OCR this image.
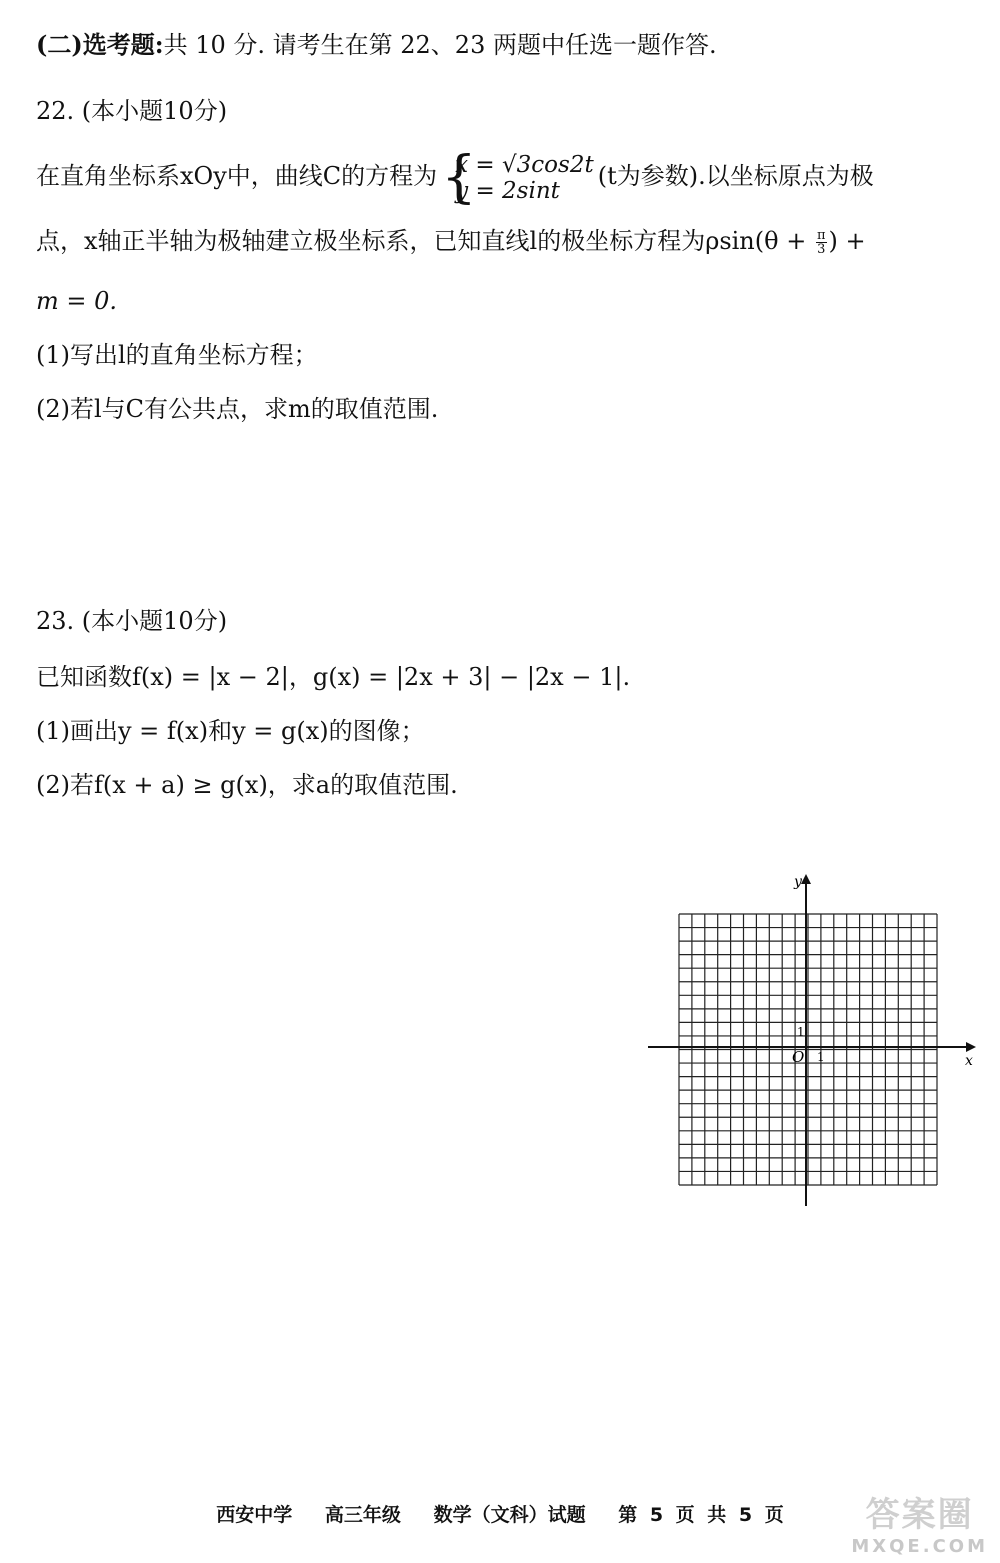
(二)选考题:共 10 分. 请考生在第 22、23 两题中任选一题作答.
22. (本小题10分)
在直角坐标系xOy中，曲线C的方程为 {
x = √3cos2t
y = 2sint
(t为参数).以坐标原点为极
点，x轴正半轴为极轴建立极坐标系，已知直线l的极坐标方程为$\rho\sin(\theta + \frac{\pi}{3}$ ) +
m = 0.
(1)写出l的直角坐标方程；
(2)若l与C有公共点，求m的取值范围.
23. (本小题10分)
已知函数f(x) = |x − 2|，g(x) = |2x + 3| − |2x − 1|.
(1)画出y = f(x)和y = g(x)的图像；
(2)若f(x + a) ≥ g(x)，求a的取值范围.
y
x
O 1
1
西安中学 高三年级 数学（文科）试题 第 5 页 共 5 页	答案圈
MXQE.COM
